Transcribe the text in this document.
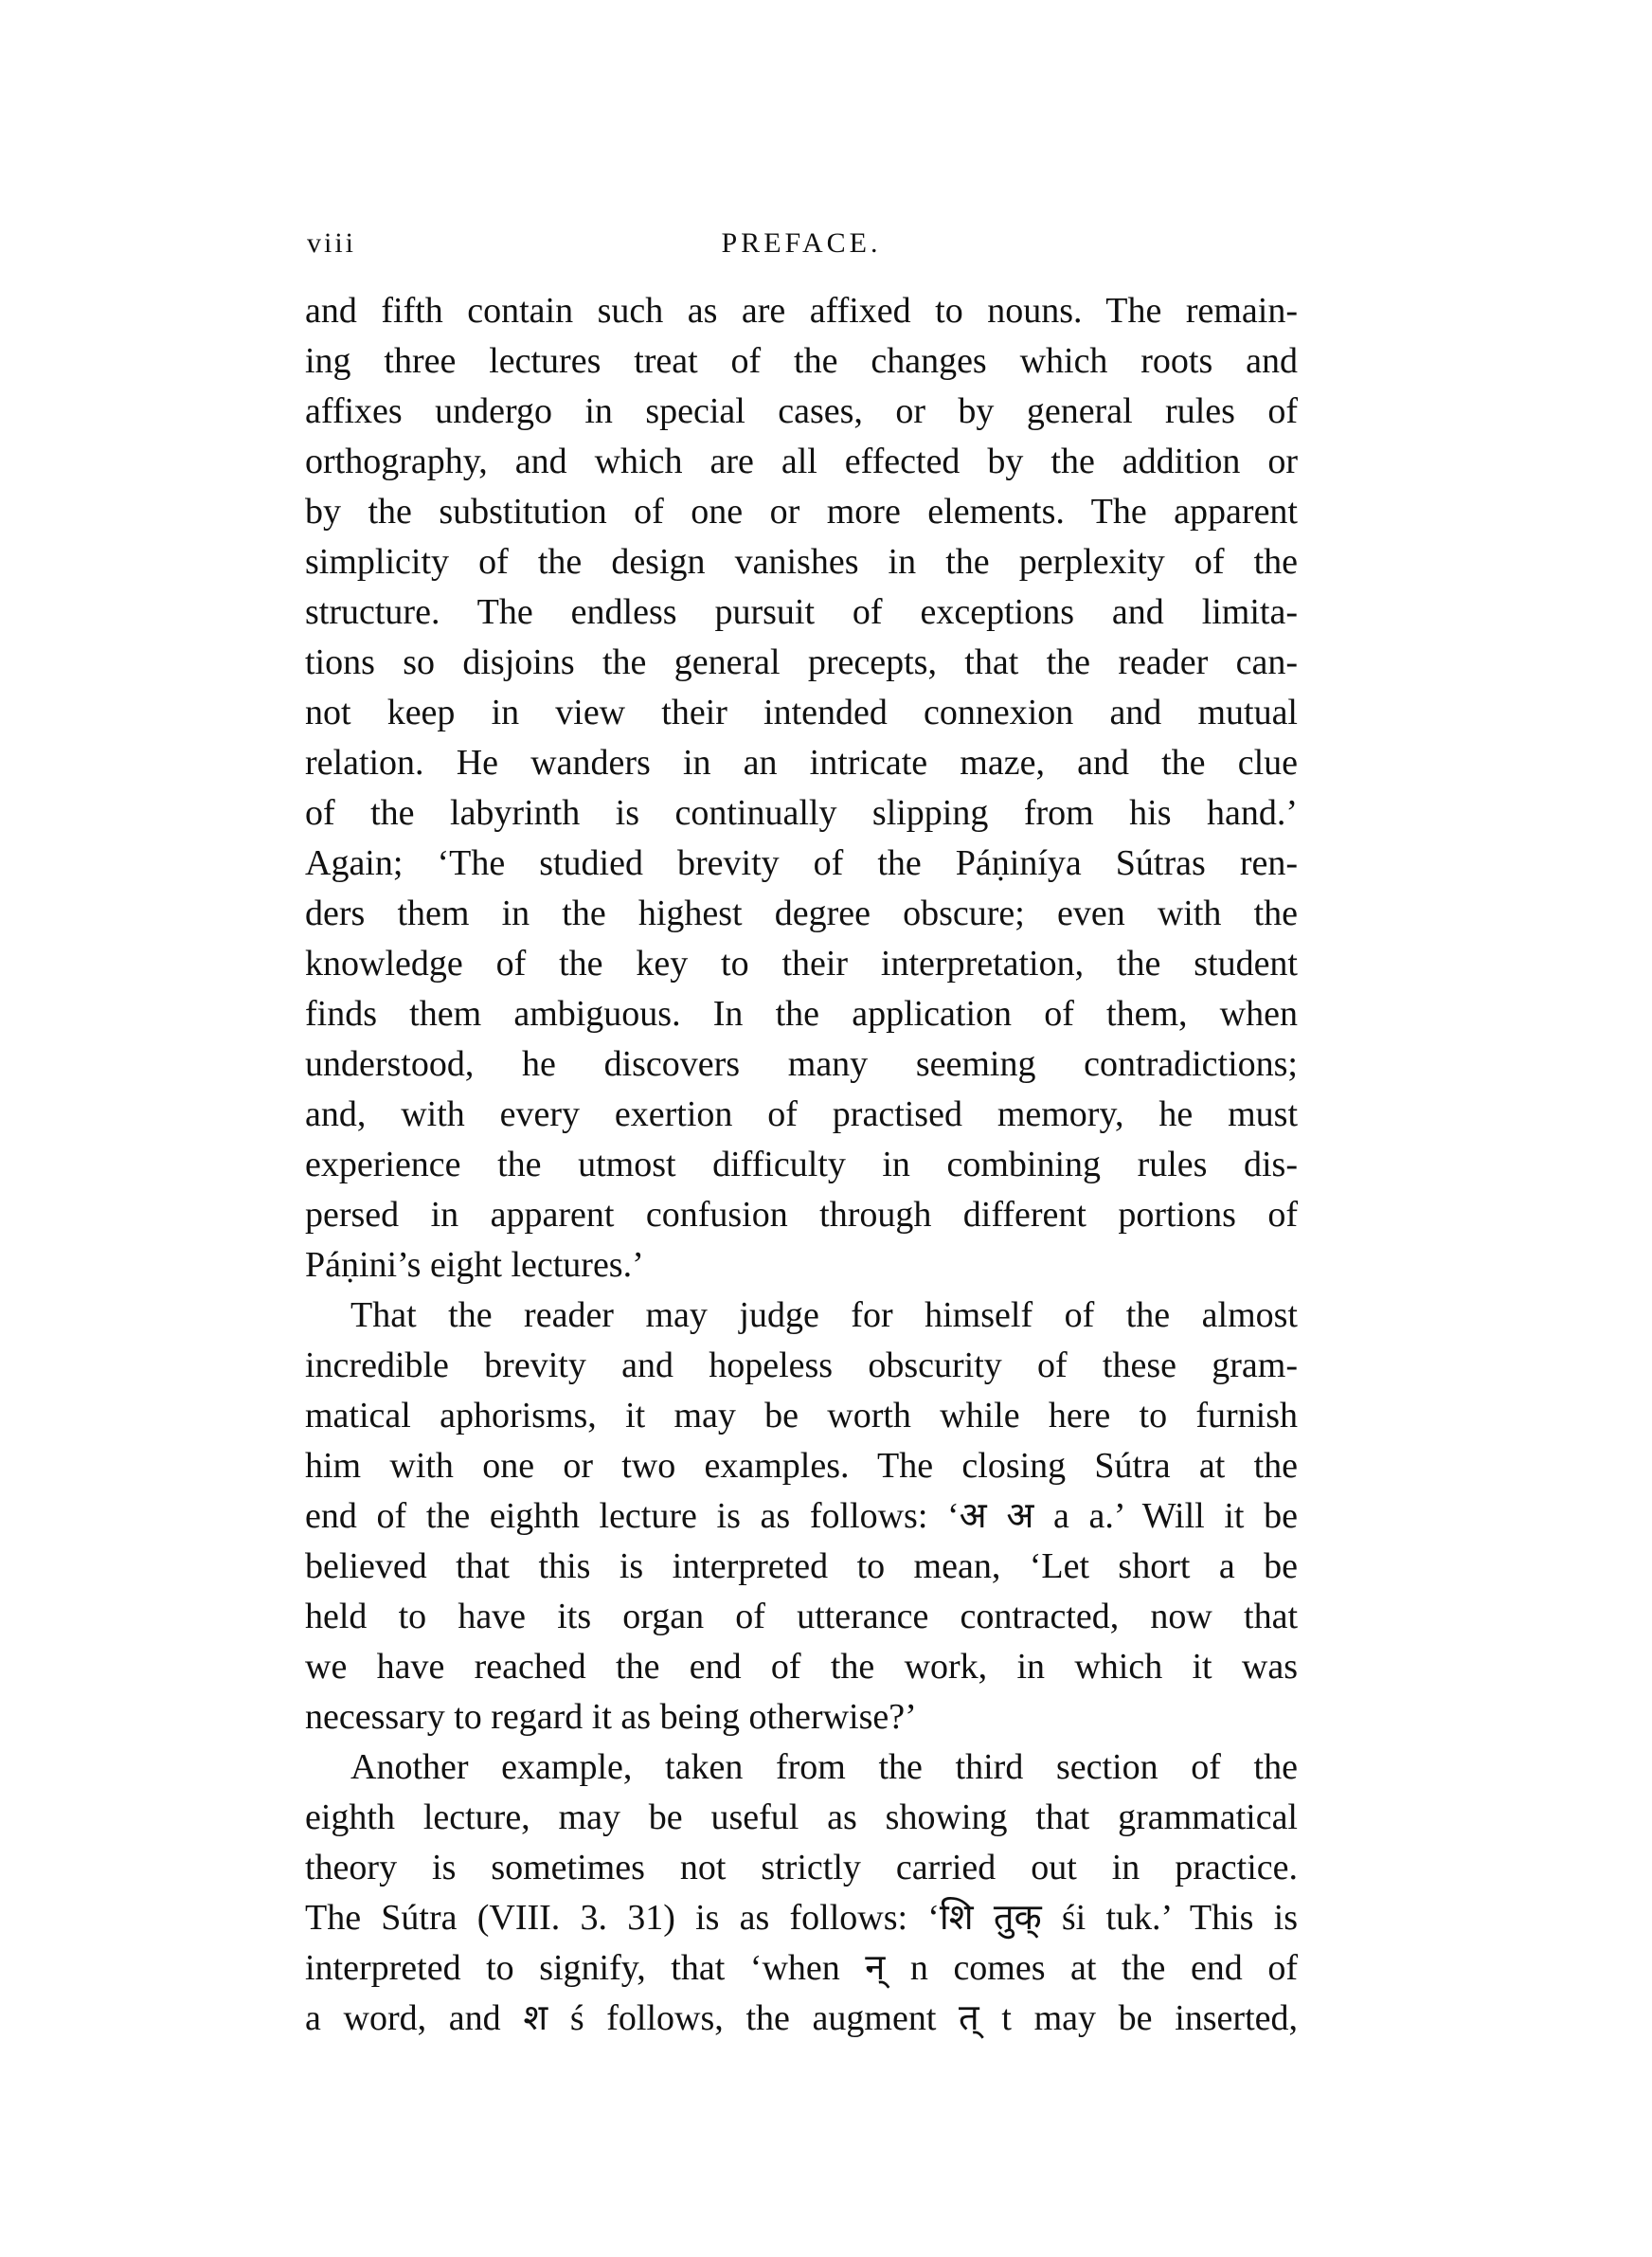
viii	PREFACE.
and fifth contain such as are affixed to nouns. The remain-
ing three lectures treat of the changes which roots and
affixes undergo in special cases, or by general rules of
orthography, and which are all effected by the addition or
by the substitution of one or more elements. The apparent
simplicity of the design vanishes in the perplexity of the
structure. The endless pursuit of exceptions and limita-
tions so disjoins the general precepts, that the reader can-
not keep in view their intended connexion and mutual
relation. He wanders in an intricate maze, and the clue
of the labyrinth is continually slipping from his hand.’
Again; ‘The studied brevity of the Páṇiníya Sútras ren-
ders them in the highest degree obscure; even with the
knowledge of the key to their interpretation, the student
finds them ambiguous. In the application of them, when
understood, he discovers many seeming contradictions;
and, with every exertion of practised memory, he must
experience the utmost difficulty in combining rules dis-
persed in apparent confusion through different portions of
Páṇini’s eight lectures.’
That the reader may judge for himself of the almost
incredible brevity and hopeless obscurity of these gram-
matical aphorisms, it may be worth while here to furnish
him with one or two examples. The closing Sútra at the
end of the eighth lecture is as follows: ‘अ अ a a.’ Will it be
believed that this is interpreted to mean, ‘Let short a be
held to have its organ of utterance contracted, now that
we have reached the end of the work, in which it was
necessary to regard it as being otherwise?’
Another example, taken from the third section of the
eighth lecture, may be useful as showing that grammatical
theory is sometimes not strictly carried out in practice.
The Sútra (VIII. 3. 31) is as follows: ‘शि तुक् śi tuk.’ This is
interpreted to signify, that ‘when न् n comes at the end of
a word, and श ś follows, the augment त् t may be inserted,
